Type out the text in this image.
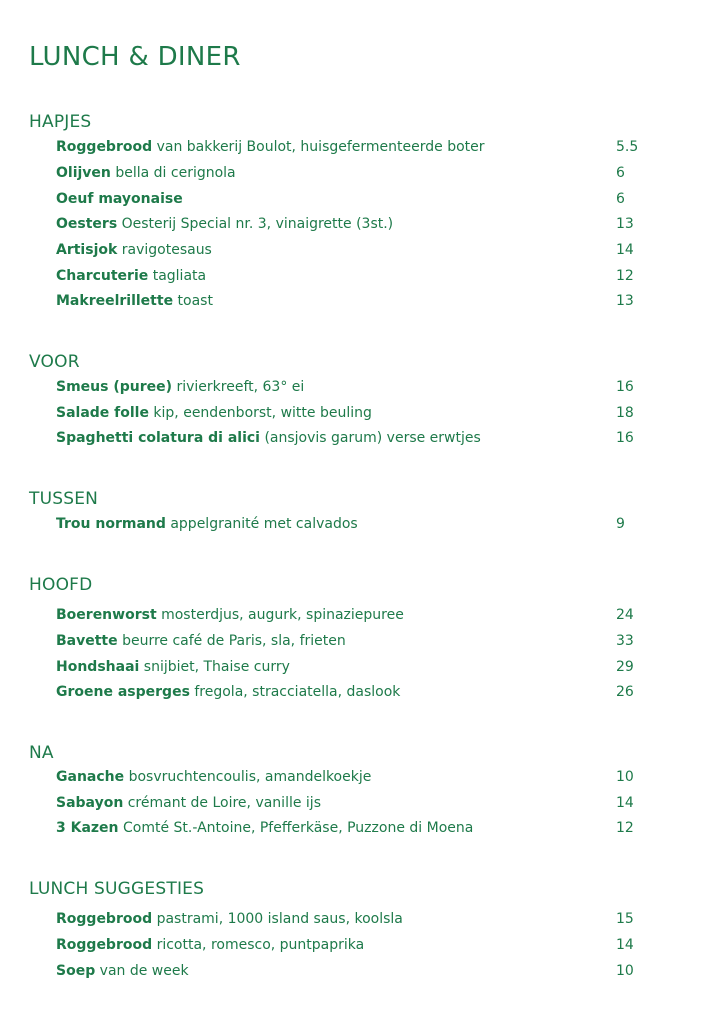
LUNCH & DINER
HAPJES
Roggebrood van bakkerij Boulot, huisgefermenteerde boter	5.5
Olijven bella di cerignola	6
Oeuf mayonaise	6
Oesters Oesterij Special nr. 3, vinaigrette (3st.)	13
Artisjok ravigotesaus	14
Charcuterie tagliata	12
Makreelrillette toast	13
VOOR
Smeus (puree) rivierkreeft, 63° ei	16
Salade folle kip, eendenborst, witte beuling	18
Spaghetti colatura di alici (ansjovis garum) verse erwtjes	16
TUSSEN
Trou normand appelgranité met calvados	9
HOOFD
Boerenworst mosterdjus, augurk, spinaziepuree	24
Bavette beurre café de Paris, sla, frieten	33
Hondshaai snijbiet, Thaise curry	29
Groene asperges fregola, stracciatella, daslook	26
NA
Ganache bosvruchtencoulis, amandelkoekje	10
Sabayon crémant de Loire, vanille ijs	14
3 Kazen Comté St.-Antoine, Pfefferkäse, Puzzone di Moena	12
LUNCH SUGGESTIES
Roggebrood pastrami, 1000 island saus, koolsla	15
Roggebrood ricotta, romesco, puntpaprika	14
Soep van de week	10
